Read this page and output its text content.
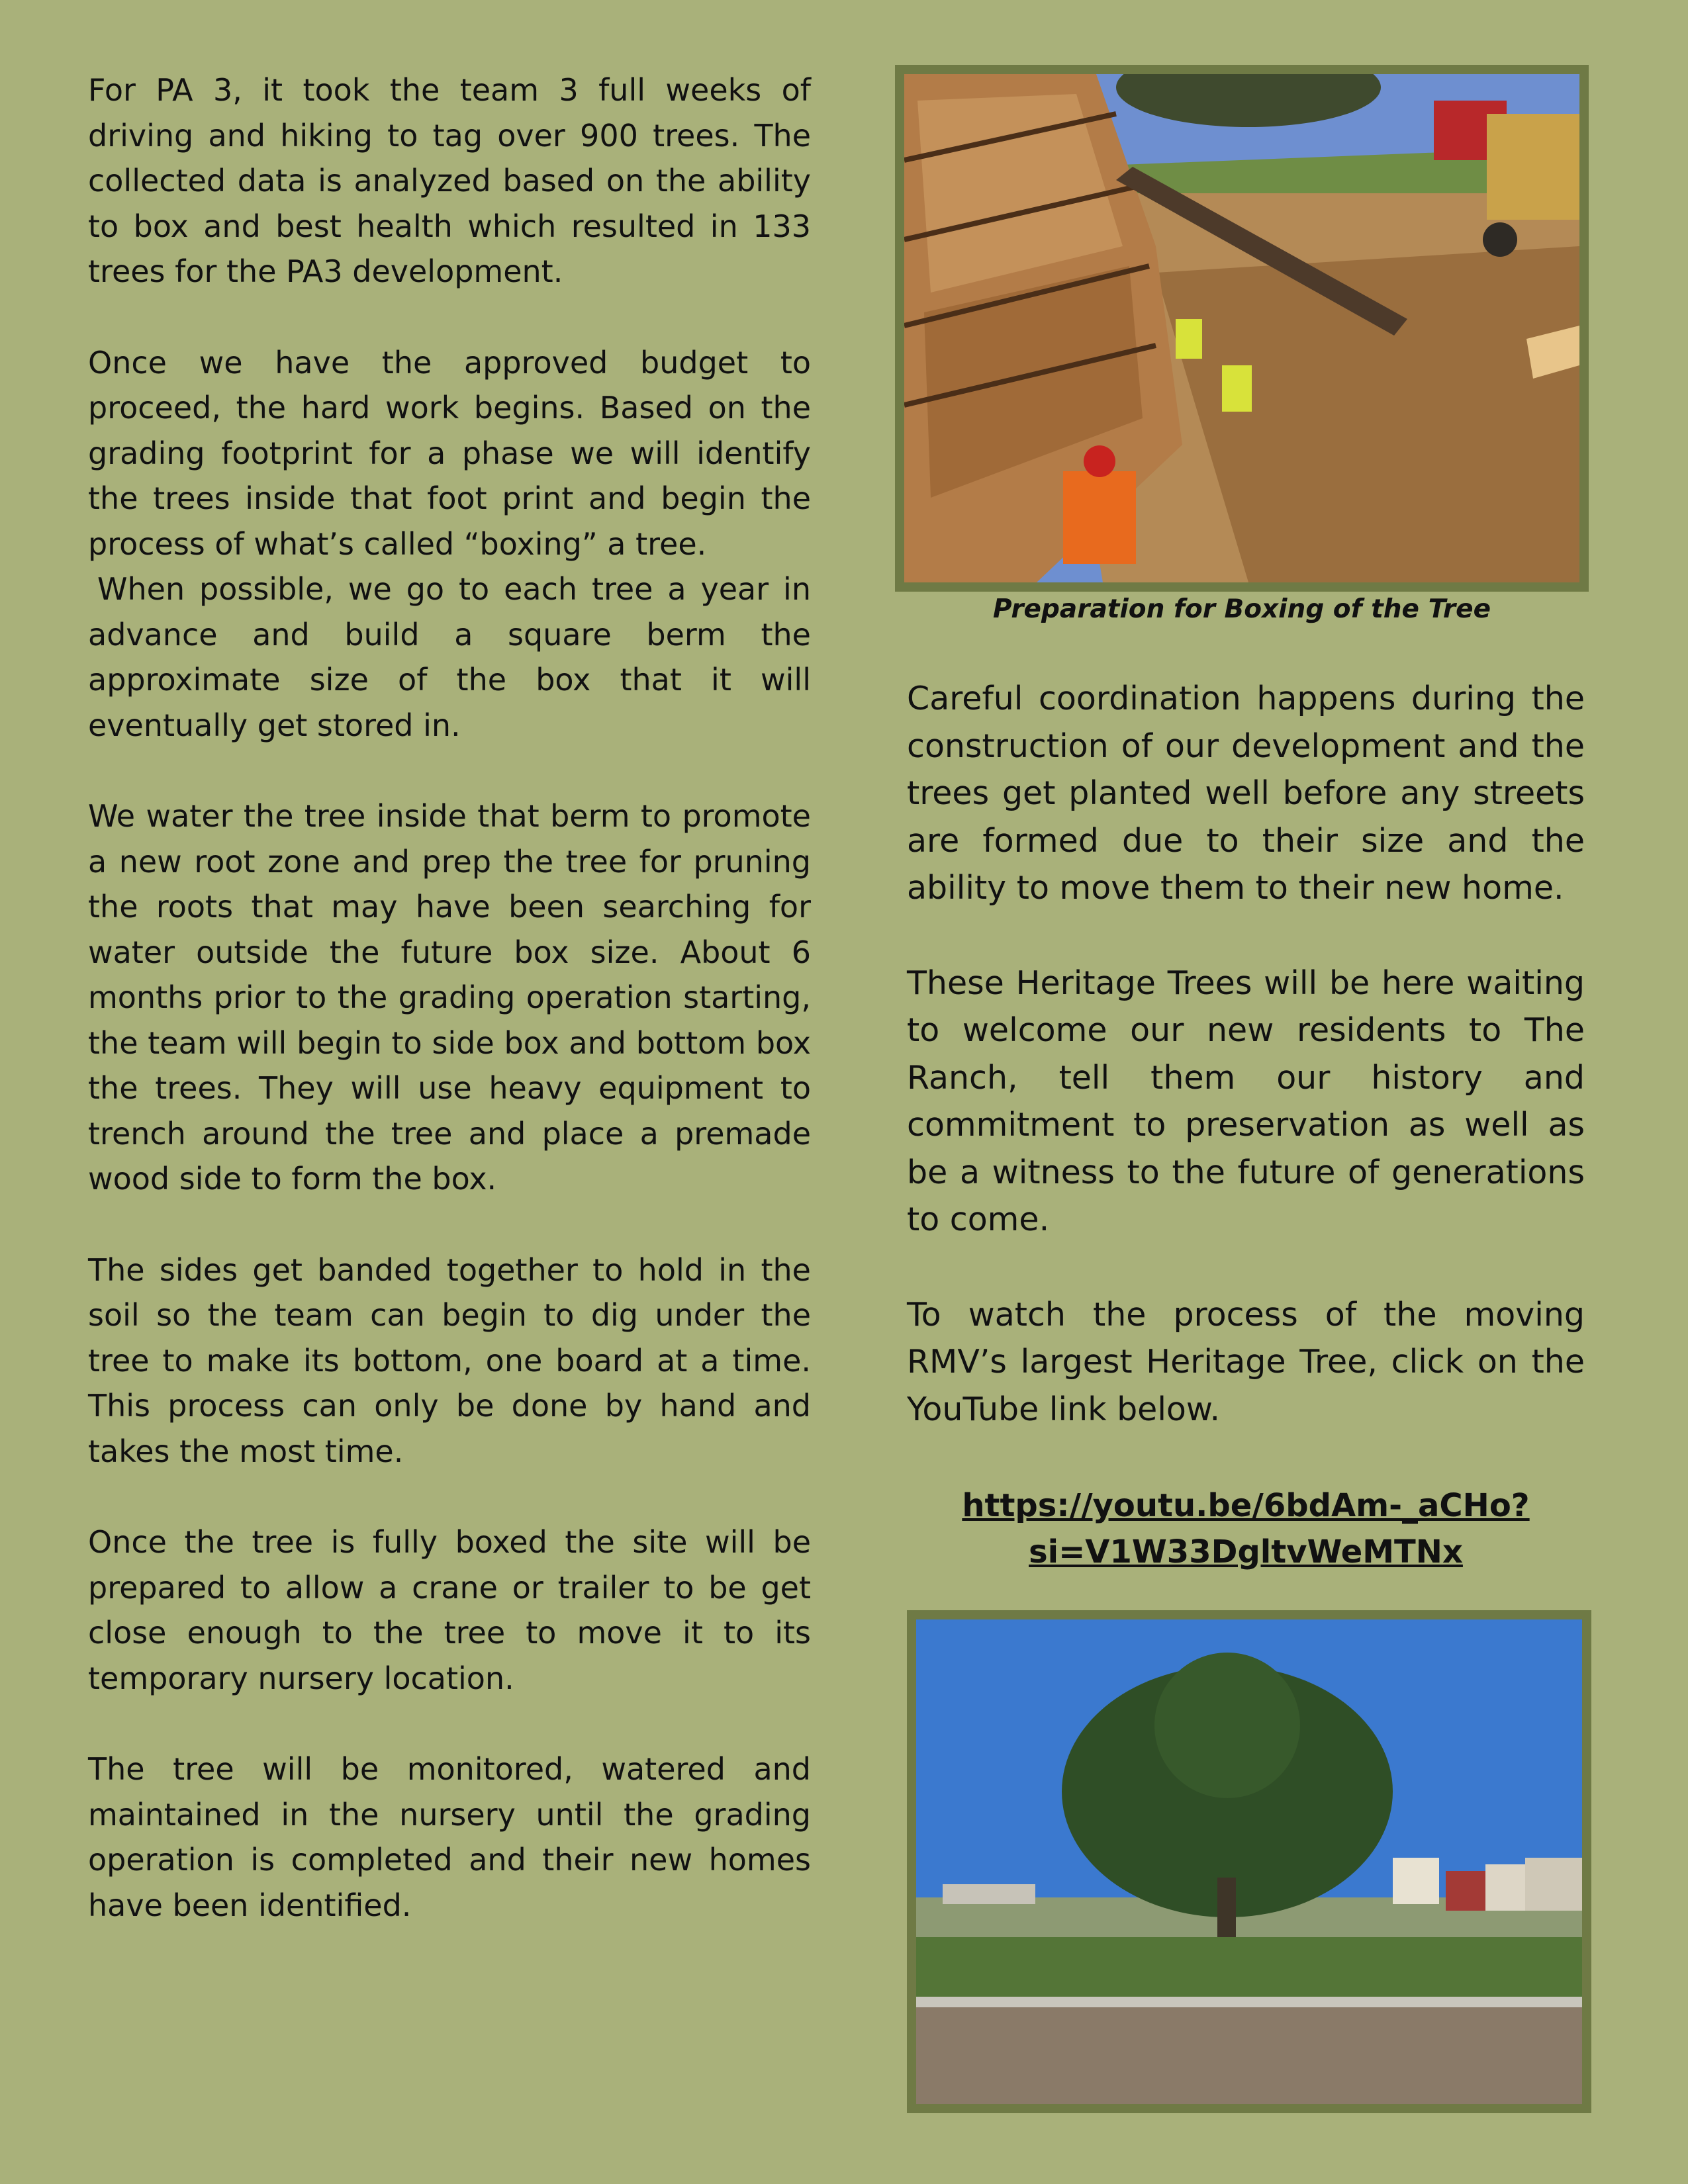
For PA 3, it took the team 3 full weeks of driving and hiking to tag over 900 trees. The collected data is analyzed based on the ability to box and best health which resulted in 133 trees for the PA3 development.

Once we have the approved budget to proceed, the hard work begins. Based on the grading footprint for a phase we will identify the trees inside that foot print and begin the process of what’s called “boxing” a tree.

When possible, we go to each tree a year in advance and build a square berm the approximate size of the box that it will eventually get stored in.

We water the tree inside that berm to promote a new root zone and prep the tree for pruning the roots that may have been searching for water outside the future box size. About 6 months prior to the grading operation starting, the team will begin to side box and bottom box the trees. They will use heavy equipment to trench around the tree and place a premade wood side to form the box.

The sides get banded together to hold in the soil so the team can begin to dig under the tree to make its bottom, one board at a time. This process can only be done by hand and takes the most time.

Once the tree is fully boxed the site will be prepared to allow a crane or trailer to be get close enough to the tree to move it to its temporary nursery location.

The tree will be monitored, watered and maintained in the nursery until the grading operation is completed and their new homes have been identified.

Preparation for Boxing of the Tree

Careful coordination happens during the construction of our development and the trees get planted well before any streets are formed due to their size and the ability to move them to their new home.

These Heritage Trees will be here waiting to welcome our new residents to The Ranch, tell them our history and commitment to preservation as well as be a witness to the future of generations to come.

To watch the process of the moving RMV’s largest Heritage Tree, click on the YouTube link below.

https://youtu.be/6bdAm-_aCHo?si=V1W33DgltvWeMTNx
